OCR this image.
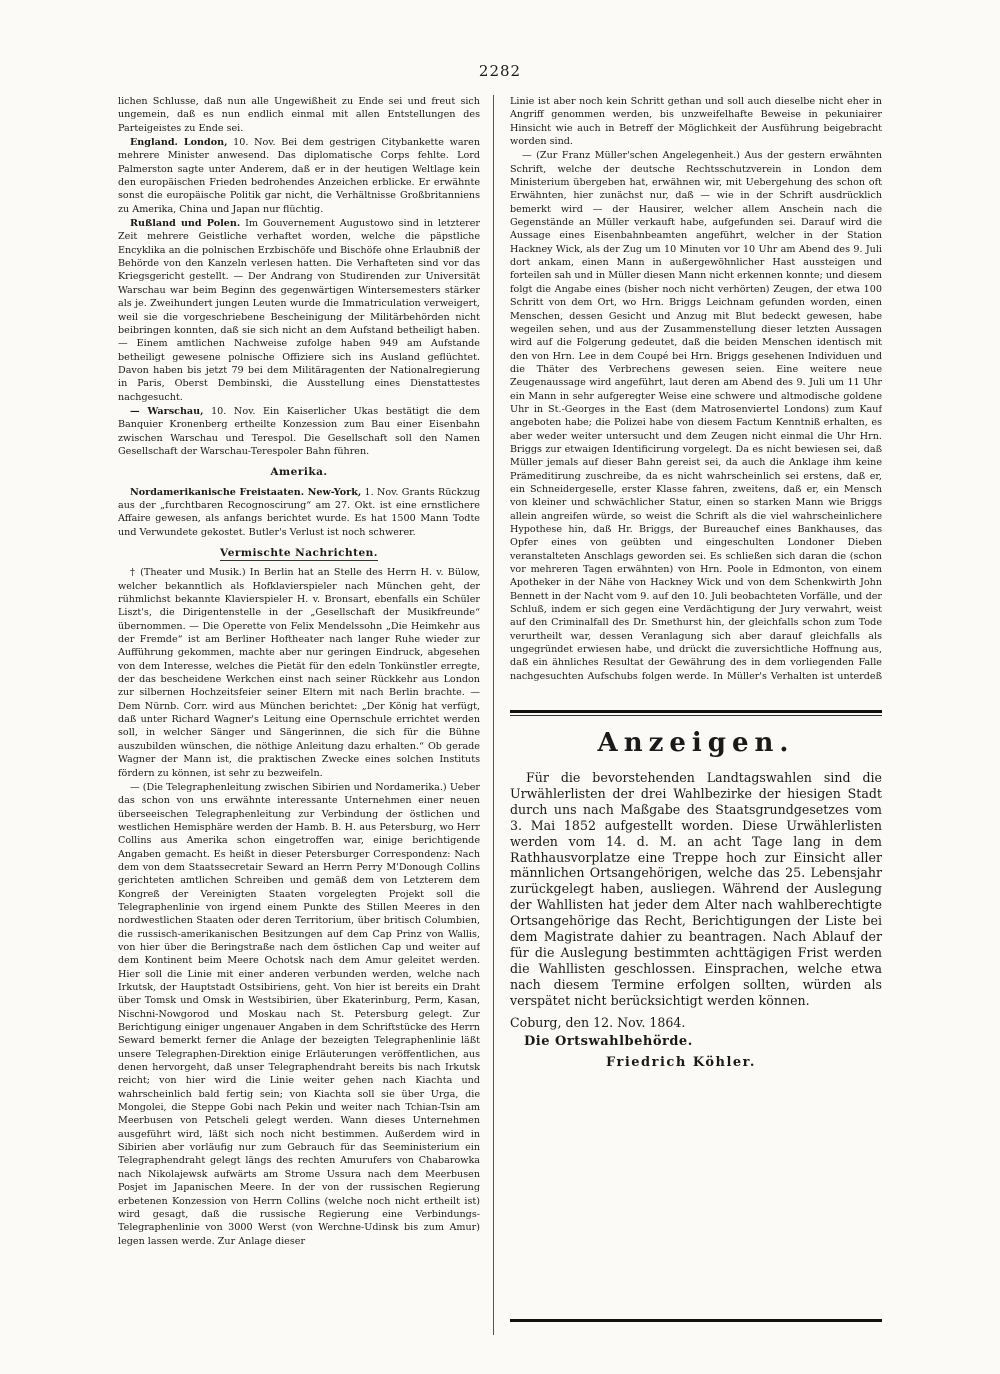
2282

lichen Schlusse, daß nun alle Ungewißheit zu Ende sei und freut sich ungemein, daß es nun endlich einmal mit allen Entstellungen des Parteigeistes zu Ende sei.

England. London, 10. Nov. Bei dem gestrigen Citybankette waren mehrere Minister anwesend. Das diplomatische Corps fehlte. Lord Palmerston sagte unter Anderem, daß er in der heutigen Weltlage kein den europäischen Frieden bedrohendes Anzeichen erblicke. Er erwähnte sonst die europäische Politik gar nicht, die Verhältnisse Großbritanniens zu Amerika, China und Japan nur flüchtig.

Rußland und Polen. Im Gouvernement Augustowo sind in letzterer Zeit mehrere Geistliche verhaftet worden, welche die päpstliche Encyklika an die polnischen Erzbischöfe und Bischöfe ohne Erlaubniß der Behörde von den Kanzeln verlesen hatten. Die Verhafteten sind vor das Kriegsgericht gestellt. — Der Andrang von Studirenden zur Universität Warschau war beim Beginn des gegenwärtigen Wintersemesters stärker als je. Zweihundert jungen Leuten wurde die Immatriculation verweigert, weil sie die vorgeschriebene Bescheinigung der Militärbehörden nicht beibringen konnten, daß sie sich nicht an dem Aufstand betheiligt haben. — Einem amtlichen Nachweise zufolge haben 949 am Aufstande betheiligt gewesene polnische Offiziere sich ins Ausland geflüchtet. Davon haben bis jetzt 79 bei dem Militäragenten der Nationalregierung in Paris, Oberst Dembinski, die Ausstellung eines Dienstattestes nachgesucht.

— Warschau, 10. Nov. Ein Kaiserlicher Ukas bestätigt die dem Banquier Kronenberg ertheilte Konzession zum Bau einer Eisenbahn zwischen Warschau und Terespol. Die Gesellschaft soll den Namen Gesellschaft der Warschau-Terespoler Bahn führen.

Amerika.

Nordamerikanische Freistaaten. New-York, 1. Nov. Grants Rückzug aus der „furchtbaren Recognoscirung“ am 27. Okt. ist eine ernstlichere Affaire gewesen, als anfangs berichtet wurde. Es hat 1500 Mann Todte und Verwundete gekostet. Butler's Verlust ist noch schwerer.

Vermischte Nachrichten.

† (Theater und Musik.) In Berlin hat an Stelle des Herrn H. v. Bülow, welcher bekanntlich als Hofklavierspieler nach München geht, der rühmlichst bekannte Klavierspieler H. v. Bronsart, ebenfalls ein Schüler Liszt's, die Dirigentenstelle in der „Gesellschaft der Musikfreunde“ übernommen. — Die Operette von Felix Mendelssohn „Die Heimkehr aus der Fremde“ ist am Berliner Hoftheater nach langer Ruhe wieder zur Aufführung gekommen, machte aber nur geringen Eindruck, abgesehen von dem Interesse, welches die Pietät für den edeln Tonkünstler erregte, der das bescheidene Werkchen einst nach seiner Rückkehr aus London zur silbernen Hochzeitsfeier seiner Eltern mit nach Berlin brachte. — Dem Nürnb. Corr. wird aus München berichtet: „Der König hat verfügt, daß unter Richard Wagner's Leitung eine Opernschule errichtet werden soll, in welcher Sänger und Sängerinnen, die sich für die Bühne auszubilden wünschen, die nöthige Anleitung dazu erhalten.“ Ob gerade Wagner der Mann ist, die praktischen Zwecke eines solchen Instituts fördern zu können, ist sehr zu bezweifeln.

— (Die Telegraphenleitung zwischen Sibirien und Nordamerika.) Ueber das schon von uns erwähnte interessante Unternehmen einer neuen überseeischen Telegraphenleitung zur Verbindung der östlichen und westlichen Hemisphäre werden der Hamb. B. H. aus Petersburg, wo Herr Collins aus Amerika schon eingetroffen war, einige berichtigende Angaben gemacht. Es heißt in dieser Petersburger Correspondenz: Nach dem von dem Staatssecretair Seward an Herrn Perry M'Donough Collins gerichteten amtlichen Schreiben und gemäß dem von Letzterem dem Kongreß der Vereinigten Staaten vorgelegten Projekt soll die Telegraphenlinie von irgend einem Punkte des Stillen Meeres in den nordwestlichen Staaten oder deren Territorium, über britisch Columbien, die russisch-amerikanischen Besitzungen auf dem Cap Prinz von Wallis, von hier über die Beringstraße nach dem östlichen Cap und weiter auf dem Kontinent beim Meere Ochotsk nach dem Amur geleitet werden. Hier soll die Linie mit einer anderen verbunden werden, welche nach Irkutsk, der Hauptstadt Ostsibiriens, geht. Von hier ist bereits ein Draht über Tomsk und Omsk in Westsibirien, über Ekaterinburg, Perm, Kasan, Nischni-Nowgorod und Moskau nach St. Petersburg gelegt. Zur Berichtigung einiger ungenauer Angaben in dem Schriftstücke des Herrn Seward bemerkt ferner die Anlage der bezeigten Telegraphenlinie läßt unsere Telegraphen-Direktion einige Erläuterungen veröffentlichen, aus denen hervorgeht, daß unser Telegraphendraht bereits bis nach Irkutsk reicht; von hier wird die Linie weiter gehen nach Kiachta und wahrscheinlich bald fertig sein; von Kiachta soll sie über Urga, die Mongolei, die Steppe Gobi nach Pekin und weiter nach Tchian-Tsin am Meerbusen von Petscheli gelegt werden. Wann dieses Unternehmen ausgeführt wird, läßt sich noch nicht bestimmen. Außerdem wird in Sibirien aber vorläufig nur zum Gebrauch für das Seeministerium ein Telegraphendraht gelegt längs des rechten Amurufers von Chabarowka nach Nikolajewsk aufwärts am Strome Ussura nach dem Meerbusen Posjet im Japanischen Meere. In der von der russischen Regierung erbetenen Konzession von Herrn Collins (welche noch nicht ertheilt ist) wird gesagt, daß die russische Regierung eine Verbindungs-Telegraphenlinie von 3000 Werst (von Werchne-Udinsk bis zum Amur) legen lassen werde. Zur Anlage dieser

Linie ist aber noch kein Schritt gethan und soll auch dieselbe nicht eher in Angriff genommen werden, bis unzweifelhafte Beweise in pekuniairer Hinsicht wie auch in Betreff der Möglichkeit der Ausführung beigebracht worden sind.

— (Zur Franz Müller'schen Angelegenheit.) Aus der gestern erwähnten Schrift, welche der deutsche Rechtsschutzverein in London dem Ministerium übergeben hat, erwähnen wir, mit Uebergehung des schon oft Erwähnten, hier zunächst nur, daß — wie in der Schrift ausdrücklich bemerkt wird — der Hausirer, welcher allem Anschein nach die Gegenstände an Müller verkauft habe, aufgefunden sei. Darauf wird die Aussage eines Eisenbahnbeamten angeführt, welcher in der Station Hackney Wick, als der Zug um 10 Minuten vor 10 Uhr am Abend des 9. Juli dort ankam, einen Mann in außergewöhnlicher Hast aussteigen und forteilen sah und in Müller diesen Mann nicht erkennen konnte; und diesem folgt die Angabe eines (bisher noch nicht verhörten) Zeugen, der etwa 100 Schritt von dem Ort, wo Hrn. Briggs Leichnam gefunden worden, einen Menschen, dessen Gesicht und Anzug mit Blut bedeckt gewesen, habe wegeilen sehen, und aus der Zusammenstellung dieser letzten Aussagen wird auf die Folgerung gedeutet, daß die beiden Menschen identisch mit den von Hrn. Lee in dem Coupé bei Hrn. Briggs gesehenen Individuen und die Thäter des Verbrechens gewesen seien. Eine weitere neue Zeugenaussage wird angeführt, laut deren am Abend des 9. Juli um 11 Uhr ein Mann in sehr aufgeregter Weise eine schwere und altmodische goldene Uhr in St.-Georges in the East (dem Matrosenviertel Londons) zum Kauf angeboten habe; die Polizei habe von diesem Factum Kenntniß erhalten, es aber weder weiter untersucht und dem Zeugen nicht einmal die Uhr Hrn. Briggs zur etwaigen Identificirung vorgelegt. Da es nicht bewiesen sei, daß Müller jemals auf dieser Bahn gereist sei, da auch die Anklage ihm keine Prämeditirung zuschreibe, da es nicht wahrscheinlich sei erstens, daß er, ein Schneidergeselle, erster Klasse fahren, zweitens, daß er, ein Mensch von kleiner und schwächlicher Statur, einen so starken Mann wie Briggs allein angreifen würde, so weist die Schrift als die viel wahrscheinlichere Hypothese hin, daß Hr. Briggs, der Bureauchef eines Bankhauses, das Opfer eines von geübten und eingeschulten Londoner Dieben veranstalteten Anschlags geworden sei. Es schließen sich daran die (schon vor mehreren Tagen erwähnten) von Hrn. Poole in Edmonton, von einem Apotheker in der Nähe von Hackney Wick und von dem Schenkwirth John Bennett in der Nacht vom 9. auf den 10. Juli beobachteten Vorfälle, und der Schluß, indem er sich gegen eine Verdächtigung der Jury verwahrt, weist auf den Criminalfall des Dr. Smethurst hin, der gleichfalls schon zum Tode verurtheilt war, dessen Veranlagung sich aber darauf gleichfalls als ungegründet erwiesen habe, und drückt die zuversichtliche Hoffnung aus, daß ein ähnliches Resultat der Gewährung des in dem vorliegenden Falle nachgesuchten Aufschubs folgen werde. In Müller's Verhalten ist unterdeß

Anzeigen.

Für die bevorstehenden Landtagswahlen sind die Urwählerlisten der drei Wahlbezirke der hiesigen Stadt durch uns nach Maßgabe des Staatsgrundgesetzes vom 3. Mai 1852 aufgestellt worden. Diese Urwählerlisten werden vom 14. d. M. an acht Tage lang in dem Rathhausvorplatze eine Treppe hoch zur Einsicht aller männlichen Ortsangehörigen, welche das 25. Lebensjahr zurückgelegt haben, ausliegen. Während der Auslegung der Wahllisten hat jeder dem Alter nach wahlberechtigte Ortsangehörige das Recht, Berichtigungen der Liste bei dem Magistrate dahier zu beantragen. Nach Ablauf der für die Auslegung bestimmten achttägigen Frist werden die Wahllisten geschlossen. Einsprachen, welche etwa nach diesem Termine erfolgen sollten, würden als verspätet nicht berücksichtigt werden können.

Coburg, den 12. Nov. 1864.
Die Ortswahlbehörde.
Friedrich Köhler.
